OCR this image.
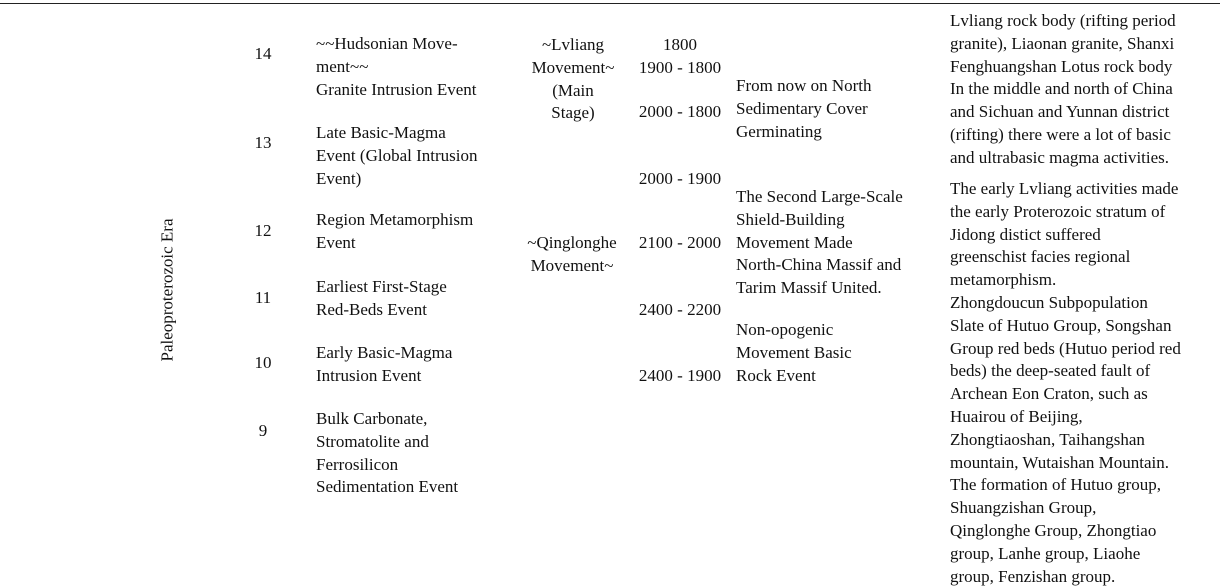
Paleoproterozoic Era
14
13
12
11
10
9
~~Hudsonian Move-
ment~~
Granite Intrusion Event
Late Basic-Magma
Event (Global Intrusion
Event)
Region Metamorphism
Event
Earliest First-Stage
Red-Beds Event
Early Basic-Magma
Intrusion Event
Bulk Carbonate,
Stromatolite and
Ferrosilicon
Sedimentation Event
~Lvliang
Movement~
(Main
Stage)
~Qinglonghe
Movement~
1800
1900 - 1800
2000 - 1800
2000 - 1900
2100 - 2000
2400 - 2200
2400 - 1900
From now on North
Sedimentary Cover
Germinating
The Second Large-Scale
Shield-Building
Movement Made
North-China Massif and
Tarim Massif United.
Non-opogenic
Movement Basic
Rock Event
Lvliang rock body (rifting period
granite), Liaonan granite, Shanxi
Fenghuangshan Lotus rock body
In the middle and north of China
and Sichuan and Yunnan district
(rifting) there were a lot of basic
and ultrabasic magma activities.
The early Lvliang activities made
the early Proterozoic stratum of
Jidong distict suffered
greenschist facies regional
metamorphism.
Zhongdoucun Subpopulation
Slate of Hutuo Group, Songshan
Group red beds (Hutuo period red
beds) the deep-seated fault of
Archean Eon Craton, such as
Huairou of Beijing,
Zhongtiaoshan, Taihangshan
mountain, Wutaishan Mountain.
The formation of Hutuo group,
Shuangzishan Group,
Qinglonghe Group, Zhongtiao
group, Lanhe group, Liaohe
group, Fenzishan group.
